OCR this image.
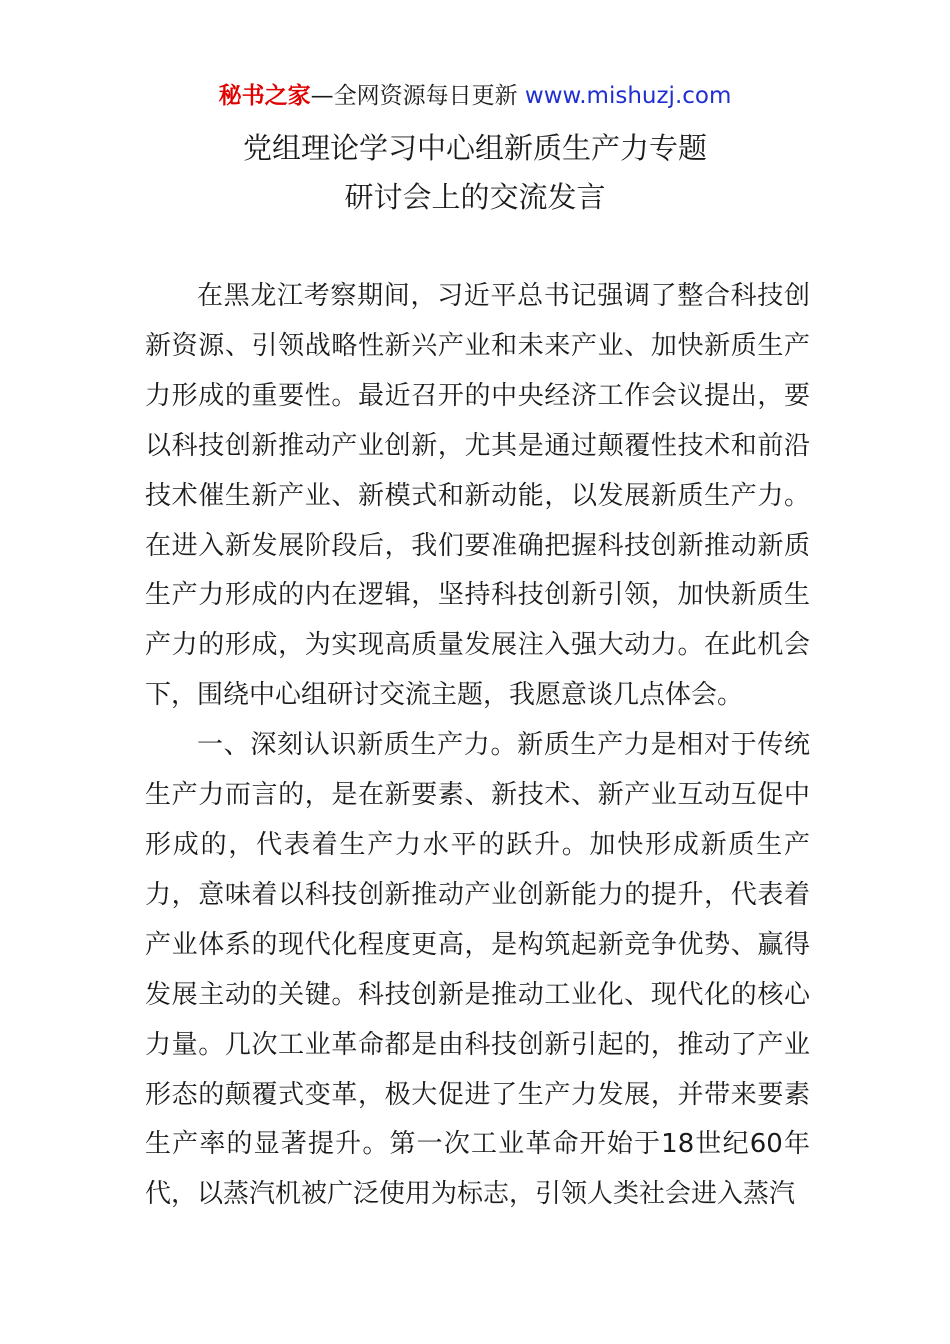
秘书之家—全网资源每日更新 www.mishuzj.com
党组理论学习中心组新质生产力专题
研讨会上的交流发言

在黑龙江考察期间，习近平总书记强调了整合科技创新资源、引领战略性新兴产业和未来产业、加快新质生产力形成的重要性。最近召开的中央经济工作会议提出，要以科技创新推动产业创新，尤其是通过颠覆性技术和前沿技术催生新产业、新模式和新动能，以发展新质生产力。在进入新发展阶段后，我们要准确把握科技创新推动新质生产力形成的内在逻辑，坚持科技创新引领，加快新质生产力的形成，为实现高质量发展注入强大动力。在此机会下，围绕中心组研讨交流主题，我愿意谈几点体会。

一、深刻认识新质生产力。新质生产力是相对于传统生产力而言的，是在新要素、新技术、新产业互动互促中形成的，代表着生产力水平的跃升。加快形成新质生产力，意味着以科技创新推动产业创新能力的提升，代表着产业体系的现代化程度更高，是构筑起新竞争优势、赢得发展主动的关键。科技创新是推动工业化、现代化的核心力量。几次工业革命都是由科技创新引起的，推动了产业形态的颠覆式变革，极大促进了生产力发展，并带来要素生产率的显著提升。第一次工业革命开始于18世纪60年代，以蒸汽机被广泛使用为标志，引领人类社会进入蒸汽
